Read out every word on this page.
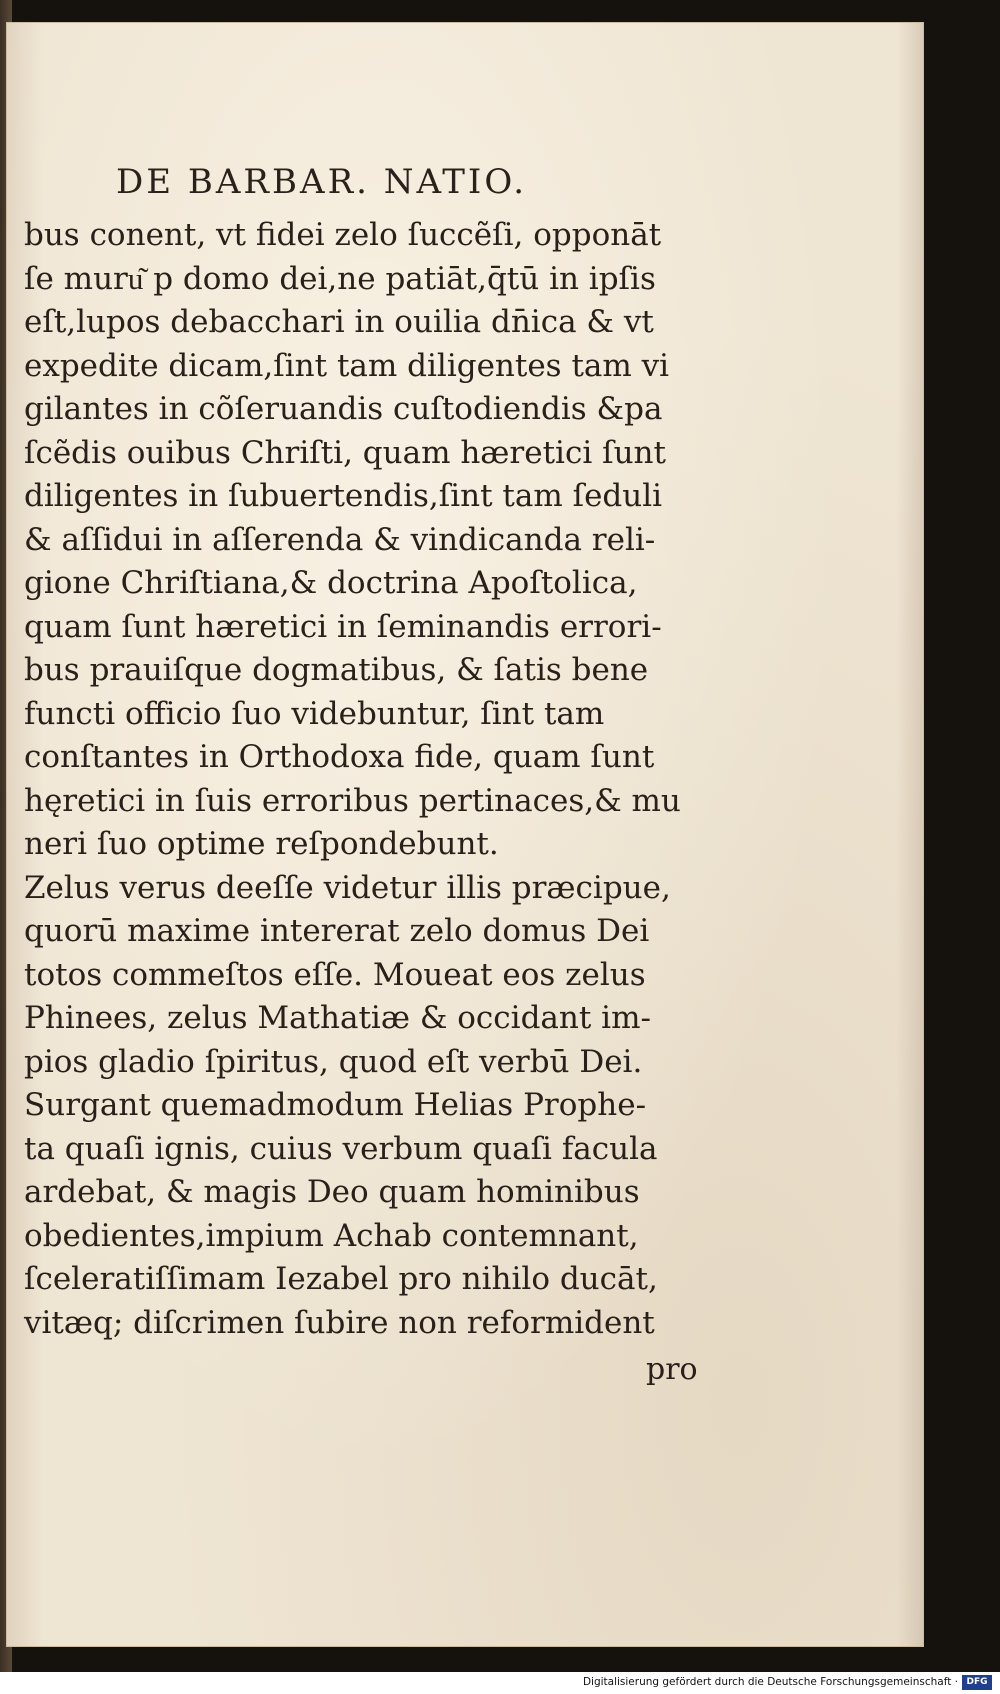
DE BARBAR. NATIO.
bus conent, vt fidei zelo ſuccẽſi, opponāt
ſe muru͂ p domo dei,ne patiāt,q̄tū in ipſis
eſt,lupos debacchari in ouilia dn̄ica & vt
expedite dicam,ſint tam diligentes tam vi
gilantes in cõſeruandis cuſtodiendis &pa
ſcẽdis ouibus Chriſti, quam hæretici ſunt
diligentes in ſubuertendis,ſint tam ſeduli
& aſſidui in aſſerenda & vindicanda reli-
gione Chriſtiana,& doctrina Apoſtolica,
quam ſunt hæretici in ſeminandis errori-
bus prauiſque dogmatibus, & ſatis bene
functi officio ſuo videbuntur, ſint tam
conſtantes in Orthodoxa fide, quam ſunt
hęretici in ſuis erroribus pertinaces,& mu
neri ſuo optime reſpondebunt.
Zelus verus deeſſe videtur illis præcipue,
quorū maxime intererat zelo domus Dei
totos commeſtos eſſe. Moueat eos zelus
Phinees, zelus Mathatiæ & occidant im-
pios gladio ſpiritus, quod eſt verbū Dei.
Surgant quemadmodum Helias Prophe-
ta quaſi ignis, cuius verbum quaſi facula
ardebat, & magis Deo quam hominibus
obedientes,impium Achab contemnant,
ſceleratiſſimam Iezabel pro nihilo ducāt,
vitæq; diſcrimen ſubire non reformident
pro
Digitalisierung gefördert durch die Deutsche Forschungsgemeinschaft · DFG
